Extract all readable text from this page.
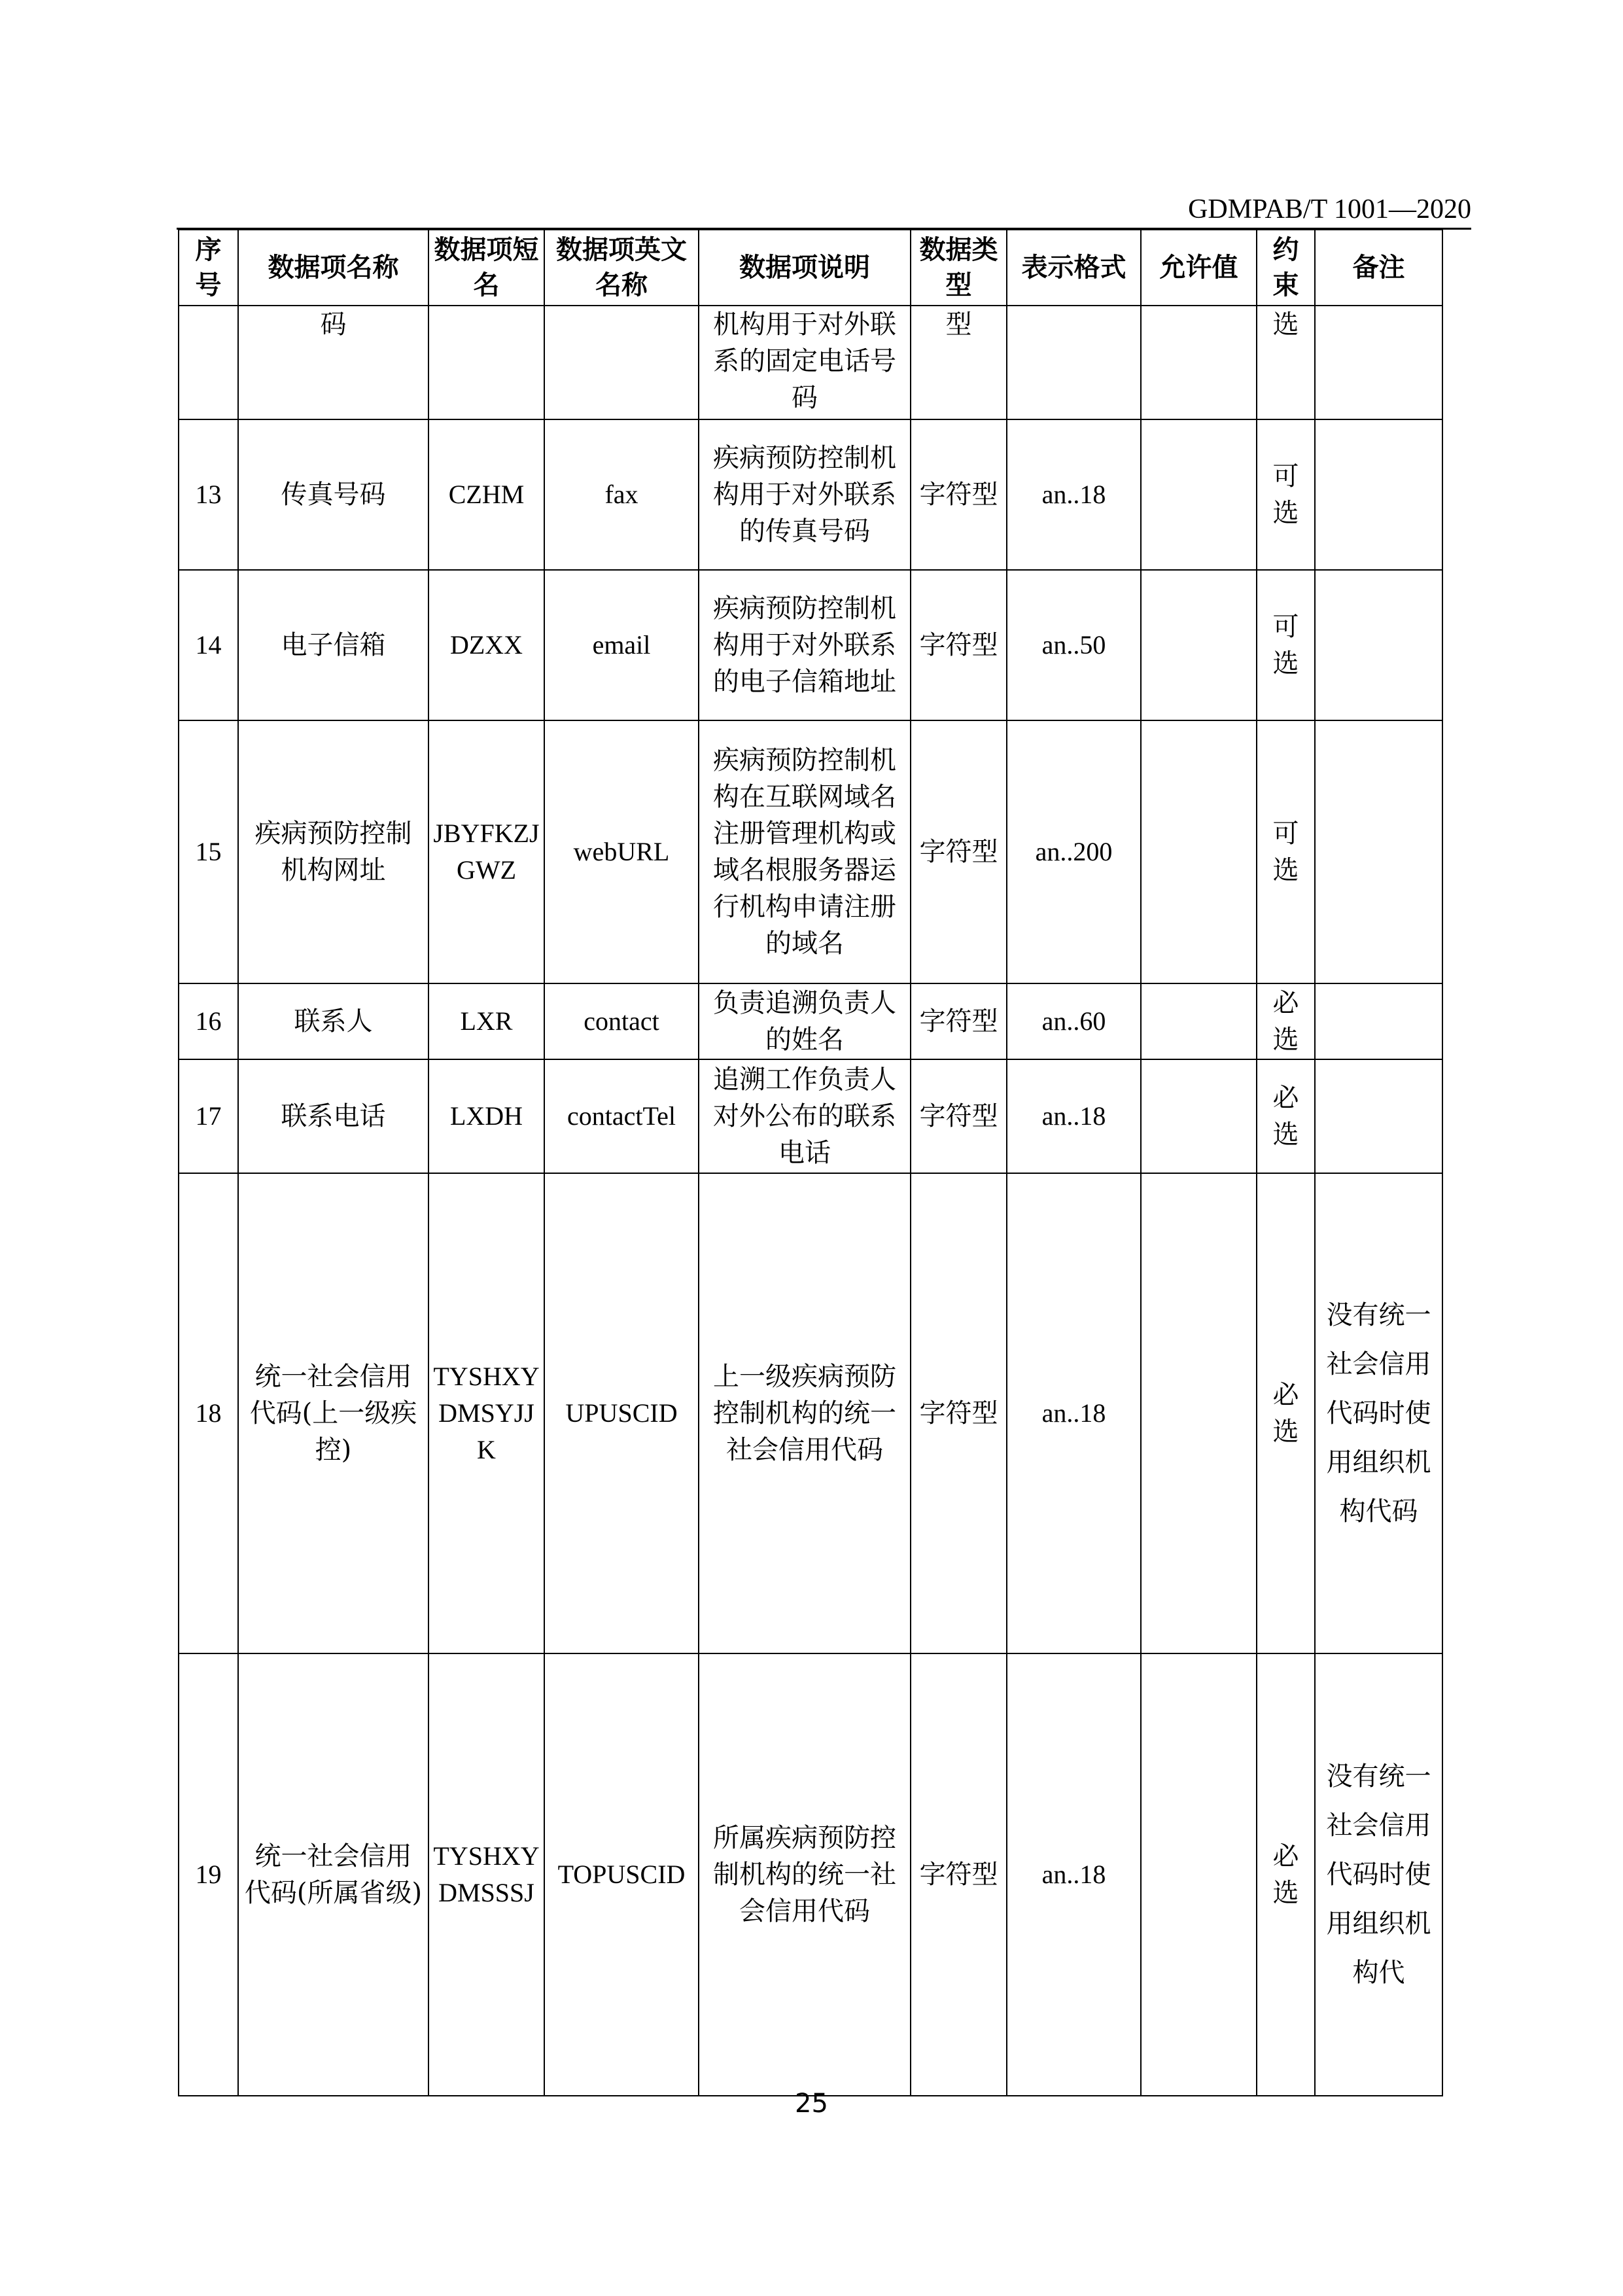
GDMPAB/T 1001—2020
序号	数据项名称	数据项短名	数据项英文名称	数据项说明	数据类型	表示格式	允许值	约束	备注
	码			机构用于对外联系的固定电话号码	型			选	
13	传真号码	CZHM	fax	疾病预防控制机构用于对外联系的传真号码	字符型	an..18		可选	
14	电子信箱	DZXX	email	疾病预防控制机构用于对外联系的电子信箱地址	字符型	an..50		可选	
15	疾病预防控制机构网址	JBYFKZJGWZ	webURL	疾病预防控制机构在互联网域名注册管理机构或域名根服务器运行机构申请注册的域名	字符型	an..200		可选	
16	联系人	LXR	contact	负责追溯负责人的姓名	字符型	an..60		必选	
17	联系电话	LXDH	contactTel	追溯工作负责人对外公布的联系电话	字符型	an..18		必选	
18	统一社会信用代码(上一级疾控)	TYSHXYDMSYJJK	UPUSCID	上一级疾病预防控制机构的统一社会信用代码	字符型	an..18		必选	没有统一社会信用代码时使用组织机构代码
19	统一社会信用代码(所属省级)	TYSHXYDMSSSJ	TOPUSCID	所属疾病预防控制机构的统一社会信用代码	字符型	an..18		必选	没有统一社会信用代码时使用组织机构代
25
